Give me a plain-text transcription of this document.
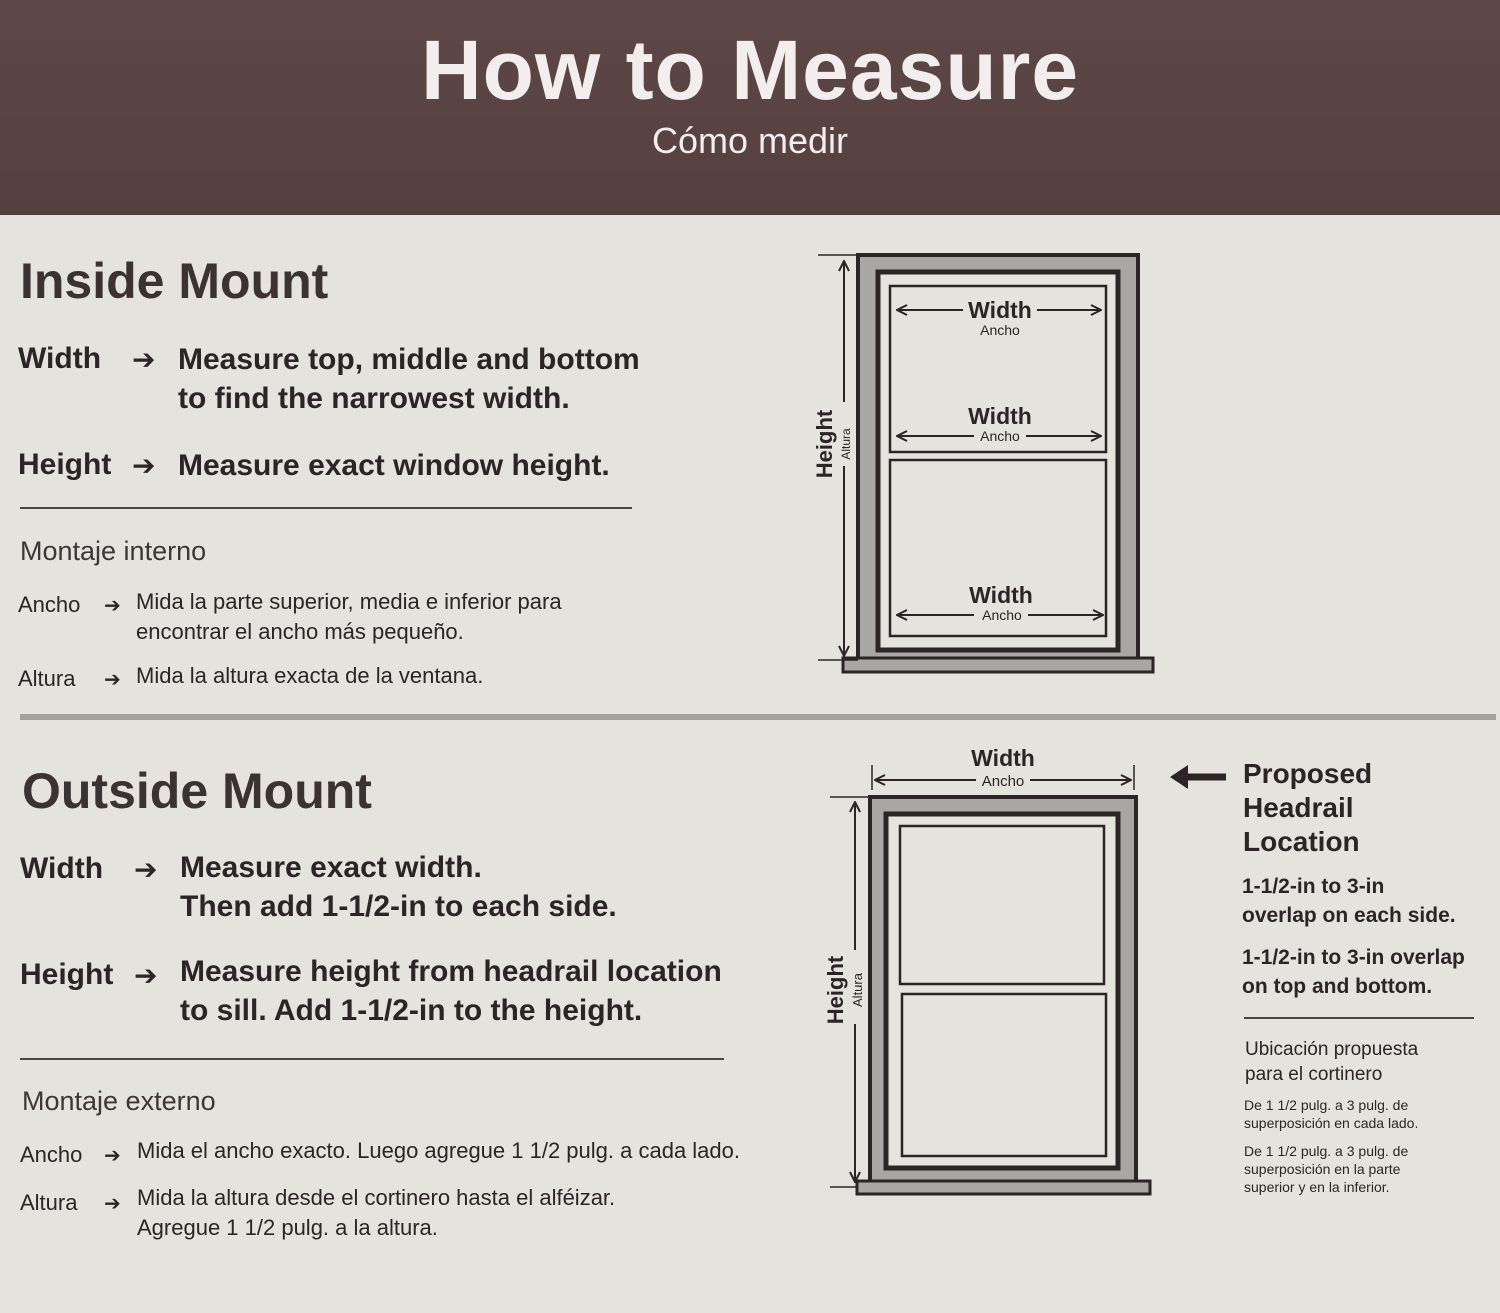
How to Measure
Cómo medir
Inside Mount
Width ➔ Measure top, middle and bottom
to find the narrowest width.
Height ➔ Measure exact window height.
Montaje interno
Ancho ➔ Mida la parte superior, media e inferior para
encontrar el ancho más pequeño.
Altura ➔ Mida la altura exacta de la ventana.
Outside Mount
Width ➔ Measure exact width.
Then add 1-1/2-in to each side.
Height ➔ Measure height from headrail location
to sill. Add 1-1/2-in to the height.
Montaje externo
Ancho ➔ Mida el ancho exacto. Luego agregue 1 1/2 pulg. a cada lado.
Altura ➔ Mida la altura desde el cortinero hasta el alféizar.
Agregue 1 1/2 pulg. a la altura.
Width
Ancho
Width
Ancho
Width
Ancho
Height Altura
Width
Ancho
Height Altura
Proposed
Headrail
Location
1-1/2-in to 3-in
overlap on each side.
1-1/2-in to 3-in overlap
on top and bottom.
Ubicación propuesta
para el cortinero
De 1 1/2 pulg. a 3 pulg. de
superposición en cada lado.
De 1 1/2 pulg. a 3 pulg. de
superposición en la parte
superior y en la inferior.
